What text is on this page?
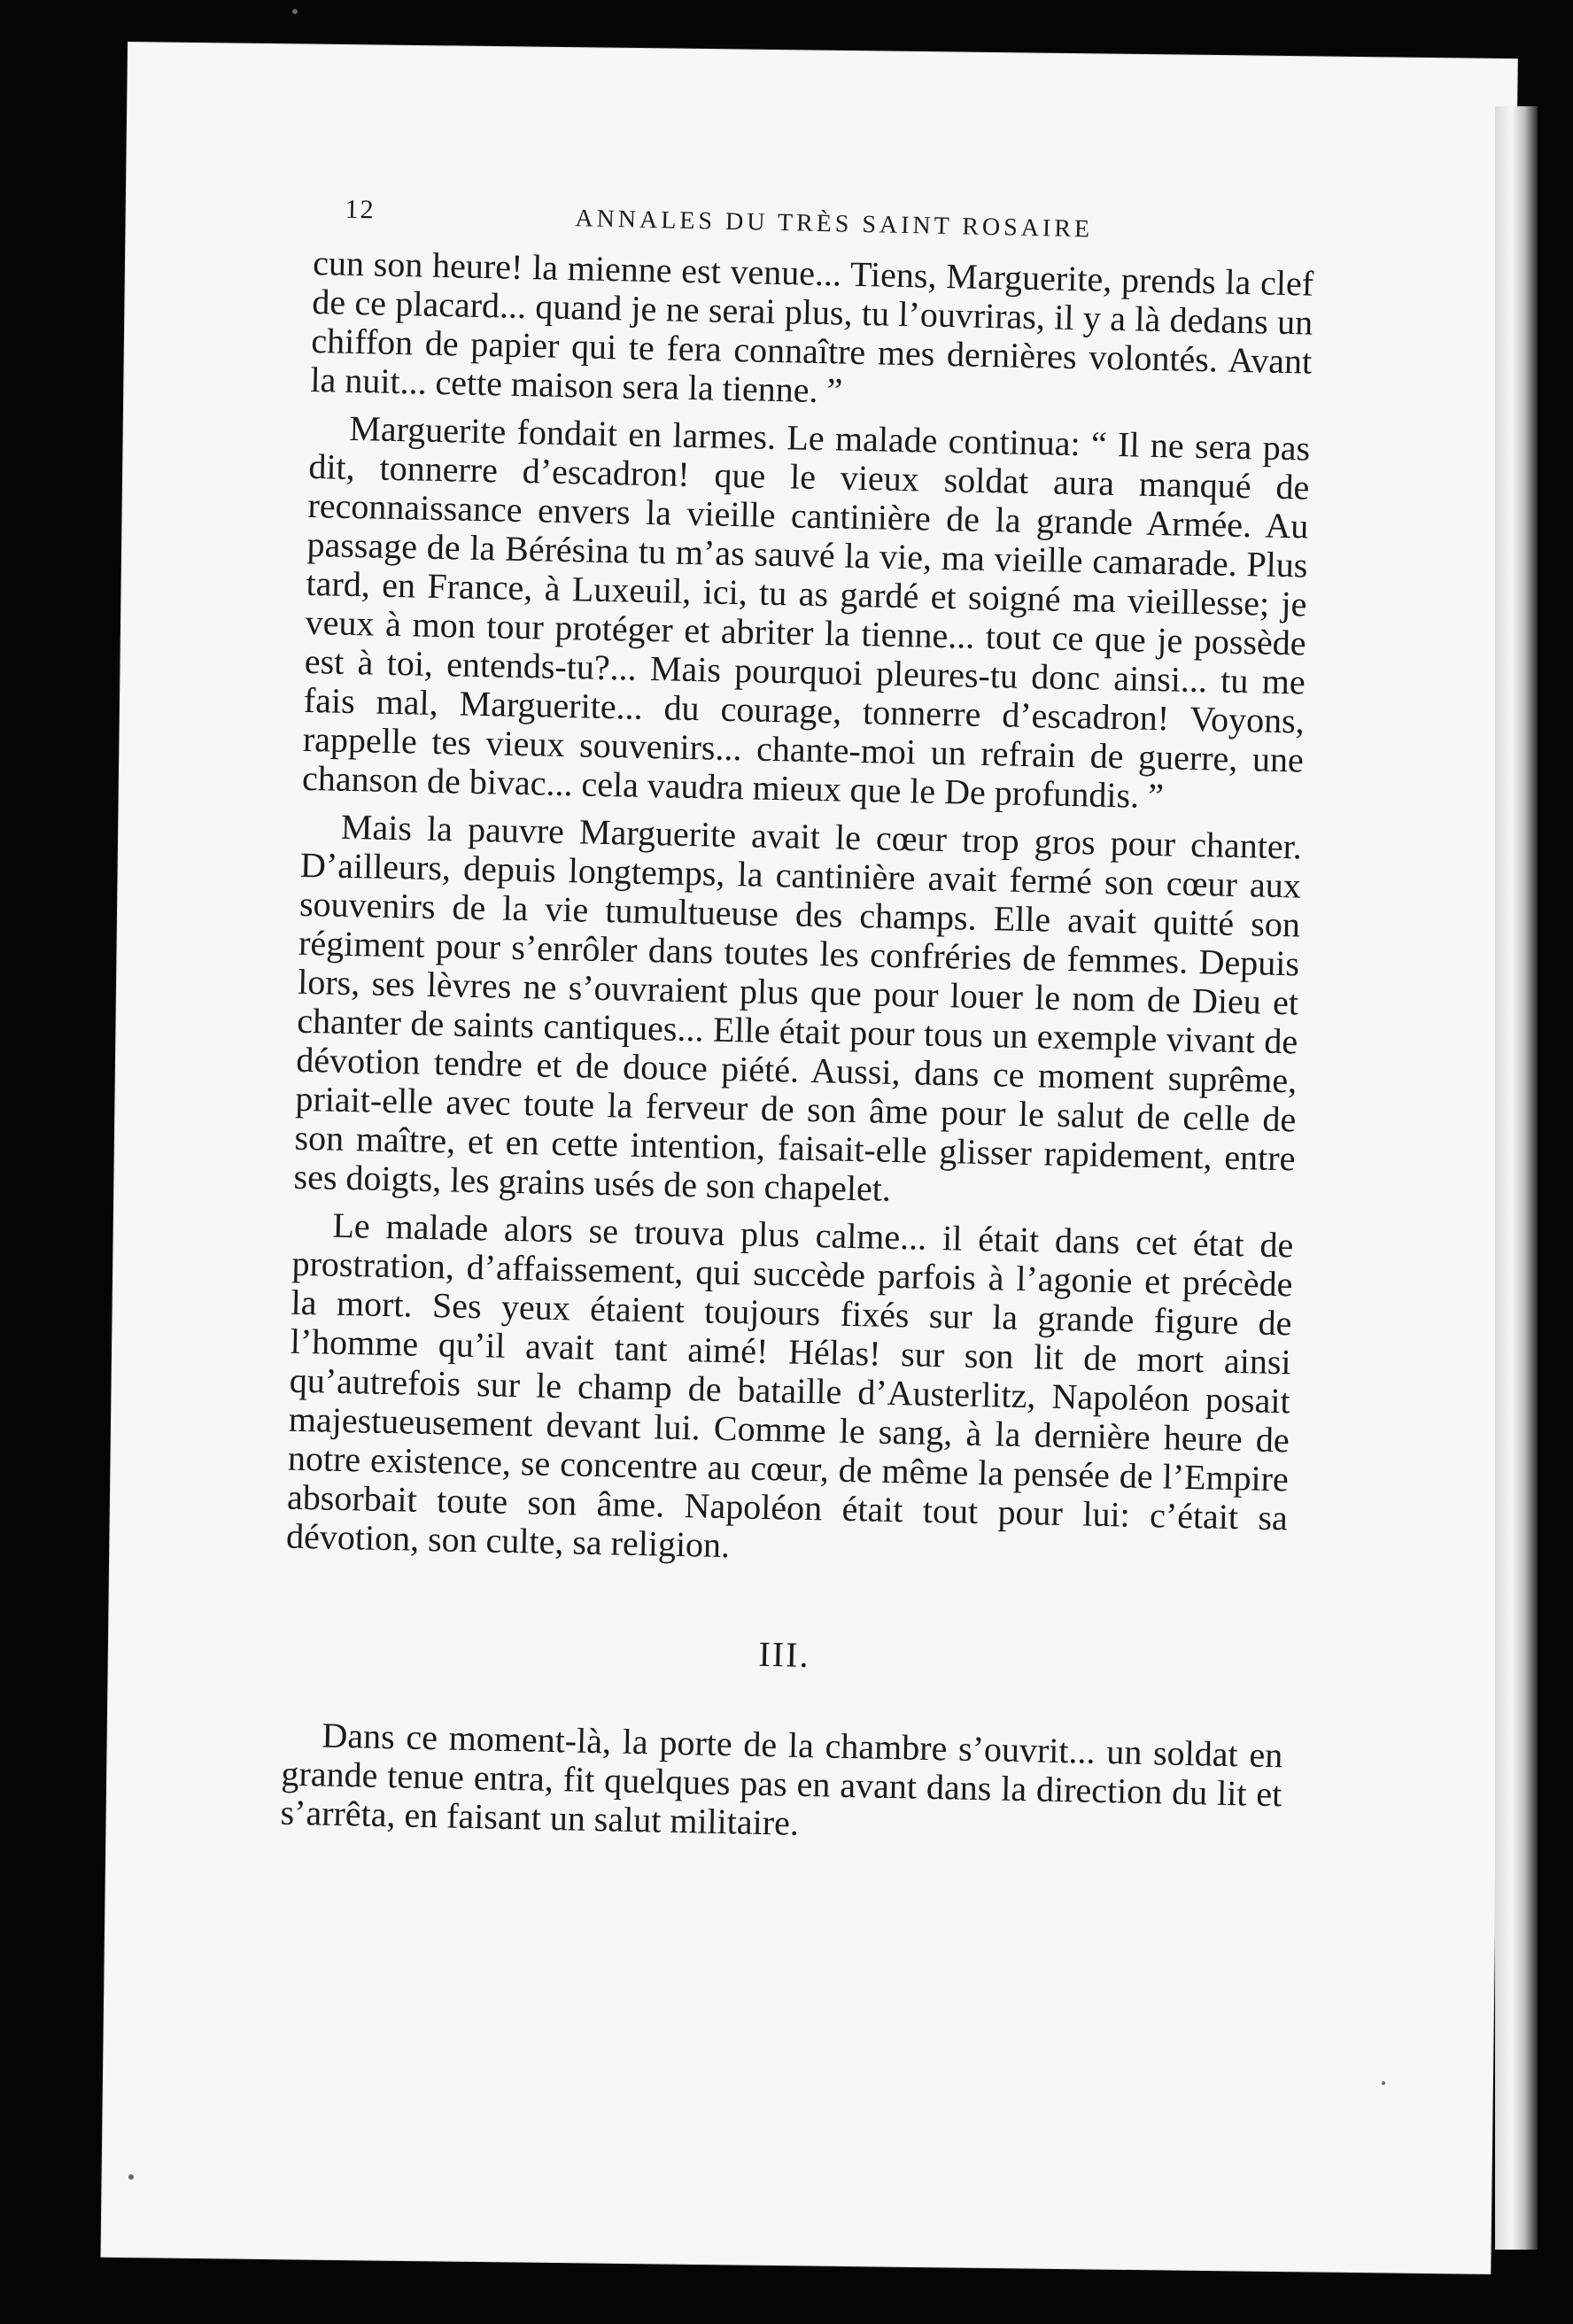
12	ANNALES DU TRÈS SAINT ROSAIRE

cun son heure! la mienne est venue... Tiens, Marguerite, prends la clef de ce placard... quand je ne serai plus, tu l’ouvriras, il y a là dedans un chiffon de papier qui te fera connaître mes dernières volontés. Avant la nuit... cette maison sera la tienne. ”

Marguerite fondait en larmes. Le malade continua: “ Il ne sera pas dit, tonnerre d’escadron! que le vieux soldat aura manqué de reconnaissance envers la vieille cantinière de la grande Armée. Au passage de la Bérésina tu m’as sauvé la vie, ma vieille camarade. Plus tard, en France, à Luxeuil, ici, tu as gardé et soigné ma vieillesse; je veux à mon tour protéger et abriter la tienne... tout ce que je possède est à toi, entends-tu?... Mais pourquoi pleures-tu donc ainsi... tu me fais mal, Marguerite... du courage, tonnerre d’escadron! Voyons, rappelle tes vieux souvenirs... chante-moi un refrain de guerre, une chanson de bivac... cela vaudra mieux que le De profundis. ”

Mais la pauvre Marguerite avait le cœur trop gros pour chanter. D’ailleurs, depuis longtemps, la cantinière avait fermé son cœur aux souvenirs de la vie tumultueuse des champs. Elle avait quitté son régiment pour s’enrôler dans toutes les confréries de femmes. Depuis lors, ses lèvres ne s’ouvraient plus que pour louer le nom de Dieu et chanter de saints cantiques... Elle était pour tous un exemple vivant de dévotion tendre et de douce piété. Aussi, dans ce moment suprême, priait-elle avec toute la ferveur de son âme pour le salut de celle de son maître, et en cette intention, faisait-elle glisser rapidement, entre ses doigts, les grains usés de son chapelet.

Le malade alors se trouva plus calme... il était dans cet état de prostration, d’affaissement, qui succède parfois à l’agonie et précède la mort. Ses yeux étaient toujours fixés sur la grande figure de l’homme qu’il avait tant aimé! Hélas! sur son lit de mort ainsi qu’autrefois sur le champ de bataille d’Austerlitz, Napoléon posait majestueusement devant lui. Comme le sang, à la dernière heure de notre existence, se concentre au cœur, de même la pensée de l’Empire absorbait toute son âme. Napoléon était tout pour lui: c’était sa dévotion, son culte, sa religion.

III.

Dans ce moment-là, la porte de la chambre s’ouvrit... un soldat en grande tenue entra, fit quelques pas en avant dans la direction du lit et s’arrêta, en faisant un salut militaire.
